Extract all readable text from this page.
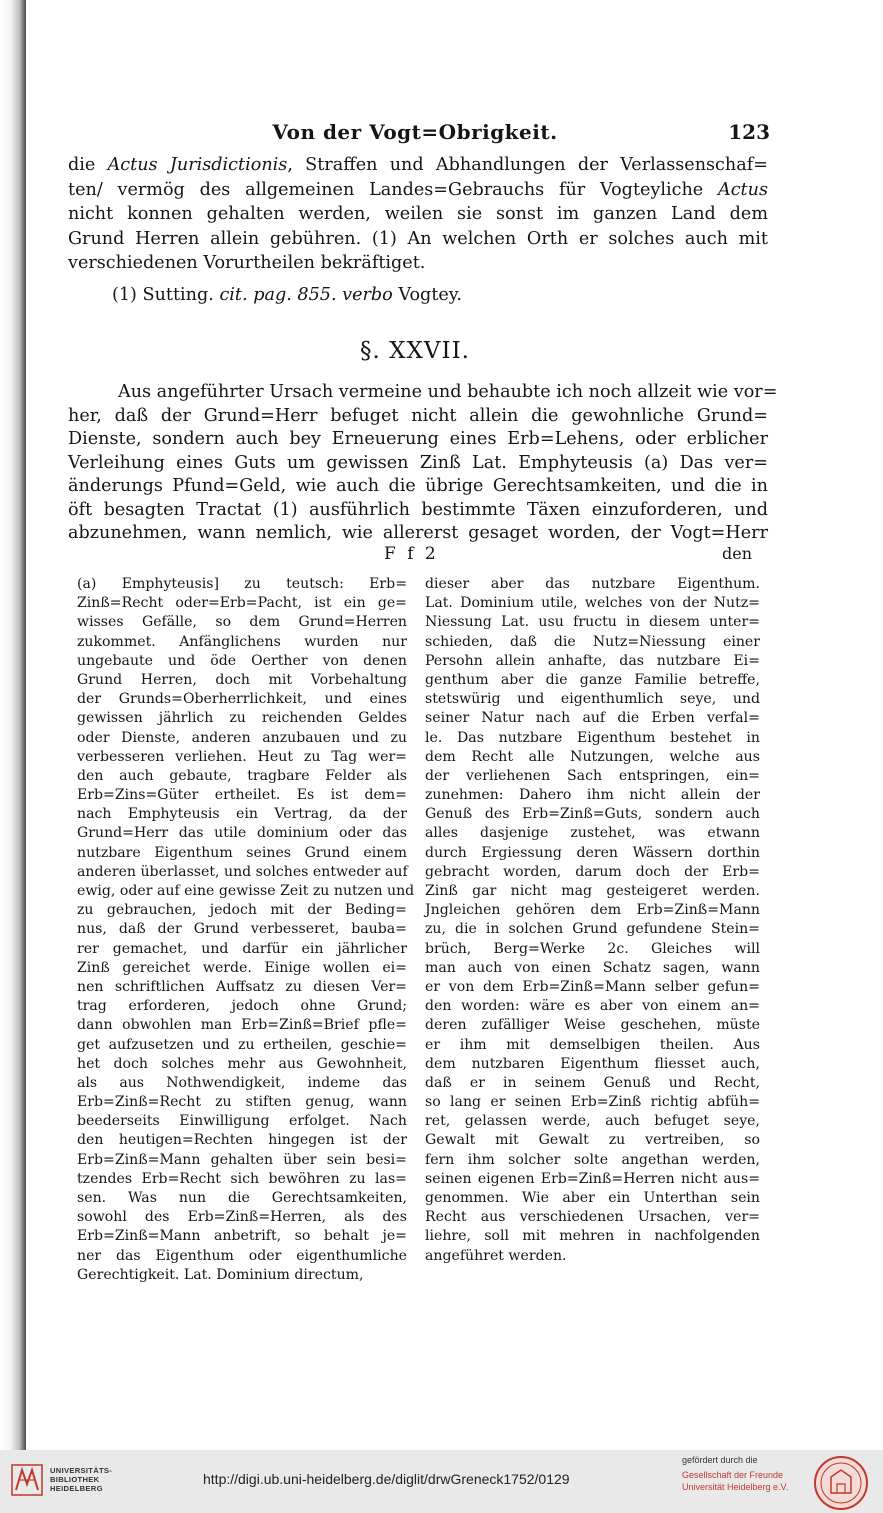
Von der Vogt=Obrigkeit.	123
§. XXVII.
F f 2	den
(a) Emphyteusis] zu teutsch: Erb=
Zinß=Recht oder=Erb=Pacht, ist ein ge=
wisses Gefälle, so dem Grund=Herren
zukommet. Anfänglichens wurden nur
ungebaute und öde Oerther von denen
Grund Herren, doch mit Vorbehaltung
der Grunds=Oberherrlichkeit, und eines
gewissen jährlich zu reichenden Geldes
oder Dienste, anderen anzubauen und zu
verbesseren verliehen. Heut zu Tag wer=
den auch gebaute, tragbare Felder als
Erb=Zins=Güter ertheilet. Es ist dem=
nach Emphyteusis ein Vertrag, da der
Grund=Herr das utile dominium oder das
nutzbare Eigenthum seines Grund einem
anderen überlasset, und solches entweder auf
ewig, oder auf eine gewisse Zeit zu nutzen und
zu gebrauchen, jedoch mit der Beding=
nus, daß der Grund verbesseret, bauba=
rer gemachet, und darfür ein jährlicher
Zinß gereichet werde. Einige wollen ei=
nen schriftlichen Auffsatz zu diesen Ver=
trag erforderen, jedoch ohne Grund;
dann obwohlen man Erb=Zinß=Brief pfle=
get aufzusetzen und zu ertheilen, geschie=
het doch solches mehr aus Gewohnheit,
als aus Nothwendigkeit, indeme das
Erb=Zinß=Recht zu stiften genug, wann
beederseits Einwilligung erfolget. Nach
den heutigen=Rechten hingegen ist der
Erb=Zinß=Mann gehalten über sein besi=
tzendes Erb=Recht sich bewöhren zu las=
sen. Was nun die Gerechtsamkeiten,
sowohl des Erb=Zinß=Herren, als des
Erb=Zinß=Mann anbetrift, so behalt je=
ner das Eigenthum oder eigenthumliche
Gerechtigkeit. Lat. Dominium directum,
dieser aber das nutzbare Eigenthum.
Lat. Dominium utile, welches von der Nutz=
Niessung Lat. usu fructu in diesem unter=
schieden, daß die Nutz=Niessung einer
Persohn allein anhafte, das nutzbare Ei=
genthum aber die ganze Familie betreffe,
stetswürig und eigenthumlich seye, und
seiner Natur nach auf die Erben verfal=
le. Das nutzbare Eigenthum bestehet in
dem Recht alle Nutzungen, welche aus
der verliehenen Sach entspringen, ein=
zunehmen: Dahero ihm nicht allein der
Genuß des Erb=Zinß=Guts, sondern auch
alles dasjenige zustehet, was etwann
durch Ergiessung deren Wässern dorthin
gebracht worden, darum doch der Erb=
Zinß gar nicht mag gesteigeret werden.
Jngleichen gehören dem Erb=Zinß=Mann
zu, die in solchen Grund gefundene Stein=
brüch, Berg=Werke 2c. Gleiches will
man auch von einen Schatz sagen, wann
er von dem Erb=Zinß=Mann selber gefun=
den worden: wäre es aber von einem an=
deren zufälliger Weise geschehen, müste
er ihm mit demselbigen theilen. Aus
dem nutzbaren Eigenthum fliesset auch,
daß er in seinem Genuß und Recht,
so lang er seinen Erb=Zinß richtig abfüh=
ret, gelassen werde, auch befuget seye,
Gewalt mit Gewalt zu vertreiben, so
fern ihm solcher solte angethan werden,
seinen eigenen Erb=Zinß=Herren nicht aus=
genommen. Wie aber ein Unterthan sein
Recht aus verschiedenen Ursachen, ver=
liehre, soll mit mehren in nachfolgenden
angeführet werden.
die Actus Jurisdictionis, Straffen und Abhandlungen der Verlassenschaf=
ten/ vermög des allgemeinen Landes=Gebrauchs für Vogteyliche Actus
nicht konnen gehalten werden, weilen sie sonst im ganzen Land dem
Grund Herren allein gebühren. (1) An welchen Orth er solches auch mit
verschiedenen Vorurtheilen bekräftiget.
(1) Sutting. cit. pag. 855. verbo Vogtey.
Aus angeführter Ursach vermeine und behaubte ich noch allzeit wie vor=
her, daß der Grund=Herr befuget nicht allein die gewohnliche Grund=
Dienste, sondern auch bey Erneuerung eines Erb=Lehens, oder erblicher
Verleihung eines Guts um gewissen Zinß Lat. Emphyteusis (a) Das ver=
änderungs Pfund=Geld, wie auch die übrige Gerechtsamkeiten, und die in
öft besagten Tractat (1) ausführlich bestimmte Täxen einzuforderen, und
abzunehmen, wann nemlich, wie allererst gesaget worden, der Vogt=Herr
UNIVERSITÄTS-
BIBLIOTHEK
HEIDELBERG
http://digi.ub.uni-heidelberg.de/diglit/drwGreneck1752/0129
gefördert durch die
Gesellschaft der Freunde
Universität Heidelberg e.V.
